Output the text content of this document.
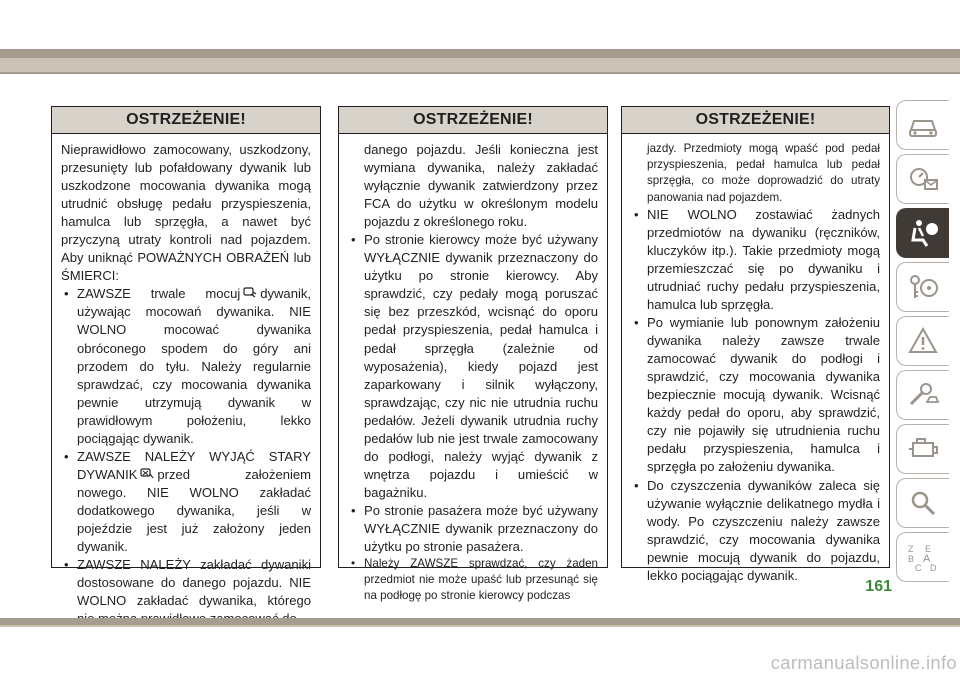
OSTRZEŻENIE!

Nieprawidłowo zamocowany, uszkodzony, przesunięty lub pofałdowany dywanik lub uszkodzone mocowania dywanika mogą utrudnić obsługę pedału przyspieszenia, hamulca lub sprzęgła, a nawet być przyczyną utraty kontroli nad pojazdem. Aby uniknąć POWAŻNYCH OBRAŻEŃ lub ŚMIERCI:

• ZAWSZE trwale mocuj dywanik, używając mocowań dywanika. NIE WOLNO mocować dywanika obróconego spodem do góry ani przodem do tyłu. Należy regularnie sprawdzać, czy mocowania dywanika pewnie utrzymują dywanik w prawidłowym położeniu, lekko pociągając dywanik.
• ZAWSZE NALEŻY WYJĄĆ STARY DYWANIK przed założeniem nowego. NIE WOLNO zakładać dodatkowego dywanika, jeśli w pojeździe jest już założony jeden dywanik.
• ZAWSZE NALEŻY zakładać dywaniki dostosowane do danego pojazdu. NIE WOLNO zakładać dywanika, którego
OSTRZEŻENIE!
danego pojazdu. Jeśli konieczna jest wymiana dywanika, należy zakładać wyłącznie dywanik zatwierdzony przez FCA do użytku w określonym modelu pojazdu z określonego roku.
• Po stronie kierowcy może być używany WYŁĄCZNIE dywanik przeznaczony do użytku po stronie kierowcy. Aby sprawdzić, czy pedały mogą poruszać się bez przeszkód, wcisnąć do oporu pedał przyspieszenia, pedał hamulca i pedał sprzęgła (zależnie od wyposażenia), kiedy pojazd jest zaparkowany i silnik wyłączony, sprawdzając, czy nic nie utrudnia ruchu pedałów. Jeżeli dywanik utrudnia ruchy pedałów lub nie jest trwale zamocowany do podłogi, należy wyjąć dywanik z wnętrza pojazdu i umieścić w bagażniku.
• Po stronie pasażera może być używany WYŁĄCZNIE dywanik przeznaczony do użytku po stronie pasażera.
• Należy ZAWSZE sprawdzać, czy żaden przedmiot nie może upaść lub przesunąć się na podłogę po stronie kierowcy podczas
OSTRZEŻENIE!
jazdy. Przedmioty mogą wpaść pod pedał przyspieszenia, pedał hamulca lub pedał sprzęgła, co może doprowadzić do utraty panowania nad pojazdem.
• NIE WOLNO zostawiać żadnych przedmiotów na dywaniku (ręczników, kluczyków itp.). Takie przedmioty mogą przemieszczać się po dywaniku i utrudniać ruchy pedału przyspieszenia, hamulca lub sprzęgła.
• Po wymianie lub ponownym założeniu dywanika należy zawsze trwale zamocować dywanik do podłogi i sprawdzić, czy mocowania dywanika bezpiecznie mocują dywanik. Wcisnąć każdy pedał do oporu, aby sprawdzić, czy nie pojawiły się utrudnienia ruchu pedału przyspieszenia, hamulca i sprzęgła po założeniu dywanika.
• Do czyszczenia dywaników zaleca się używanie wyłącznie delikatnego mydła i wody. Po czyszczeniu należy zawsze sprawdzić, czy mocowania dywanika pewnie mocują dywanik do pojazdu, lekko pociągając dywanik.
Z E
B A
C D
161
carmanualsonline.info
